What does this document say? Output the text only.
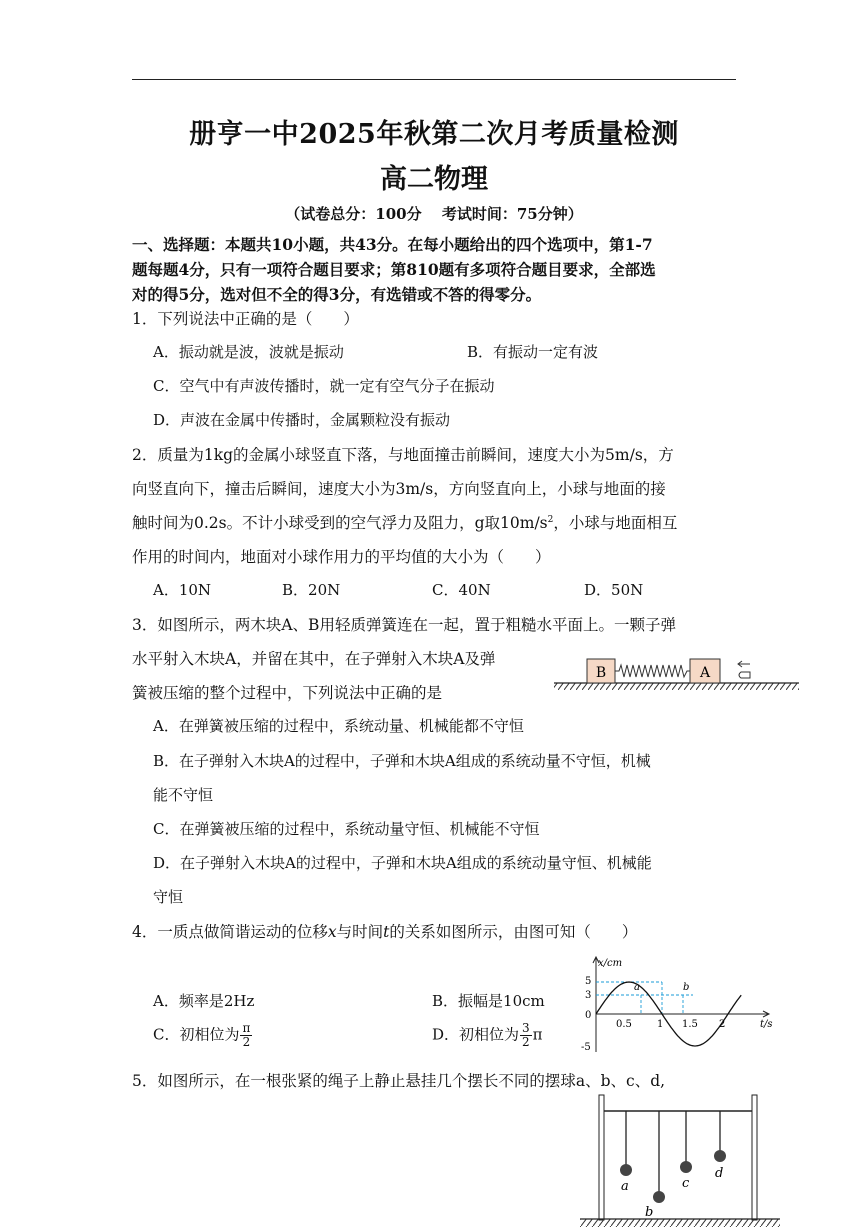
册亨一中2025年秋第二次月考质量检测
高二物理
（试卷总分：100分　 考试时间：75分钟）
一、选择题：本题共10小题，共43分。在每小题给出的四个选项中，第1-7
题每题4分，只有一项符合题目要求；第810题有多项符合题目要求，全部选
对的得5分，选对但不全的得3分，有选错或不答的得零分。
1．下列说法中正确的是（　　）
A．振动就是波，波就是振动	B．有振动一定有波
C．空气中有声波传播时，就一定有空气分子在振动
D．声波在金属中传播时，金属颗粒没有振动
2．质量为1kg的金属小球竖直下落，与地面撞击前瞬间，速度大小为5m/s，方
向竖直向下，撞击后瞬间，速度大小为3m/s，方向竖直向上，小球与地面的接
触时间为0.2s。不计小球受到的空气浮力及阻力，g取$10m/s^2$，小球与地面相互
作用的时间内，地面对小球作用力的平均值的大小为（　　）
A．10N	B．20N	C．40N	D．50N
3．如图所示，两木块A、B用轻质弹簧连在一起，置于粗糙水平面上。一颗子弹
水平射入木块A，并留在其中，在子弹射入木块A及弹
簧被压缩的整个过程中，下列说法中正确的是
B	A
A．在弹簧被压缩的过程中，系统动量、机械能都不守恒
B．在子弹射入木块A的过程中，子弹和木块A组成的系统动量不守恒，机械
能不守恒
C．在弹簧被压缩的过程中，系统动量守恒、机械能不守恒
D．在子弹射入木块A的过程中，子弹和木块A组成的系统动量守恒、机械能
守恒
4．一质点做简谐运动的位移x与时间t的关系如图所示，由图可知（　　）
A．频率是2Hz	B．振幅是10cm
C．初相位为 $\frac{\pi}{2}$	D．初相位为 $\frac{3}{2}$ π
x/cm
t/s
5
3
0
-5
0.5	1 1.5 2
a	b
5．如图所示，在一根张紧的绳子上静止悬挂几个摆长不同的摆球a、b、c、d,
a
b
c
d
